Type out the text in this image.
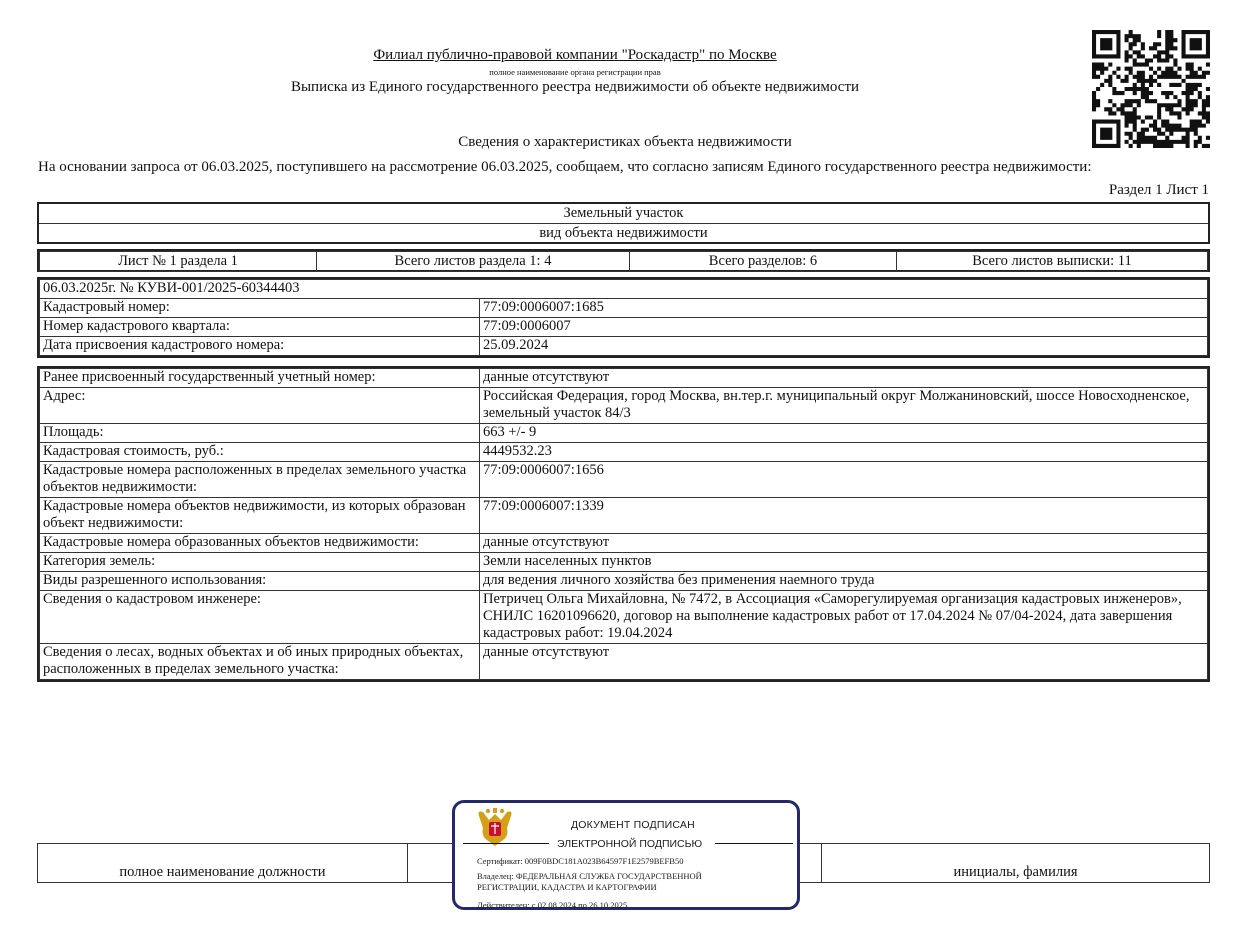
Филиал публично-правовой компании "Роскадастр" по Москве
полное наименование органа регистрации прав
Выписка из Единого государственного реестра недвижимости об объекте недвижимости
Сведения о характеристиках объекта недвижимости
На основании запроса от 06.03.2025, поступившего на рассмотрение 06.03.2025, сообщаем, что согласно записям Единого государственного реестра недвижимости:
Раздел 1 Лист 1
Земельный участок
вид объекта недвижимости
Лист № 1 раздела 1	Всего листов раздела 1: 4	Всего разделов: 6	Всего листов выписки: 11
06.03.2025г. № КУВИ-001/2025-60344403	
Кадастровый номер:	77:09:0006007:1685
Номер кадастрового квартала:	77:09:0006007
Дата присвоения кадастрового номера:	25.09.2024
Ранее присвоенный государственный учетный номер:	данные отсутствуют
Адрес:	Российская Федерация, город Москва, вн.тер.г. муниципальный округ Молжаниновский, шоссе Новосходненское, земельный участок 84/3
Площадь:	663 +/- 9
Кадастровая стоимость, руб.:	4449532.23
Кадастровые номера расположенных в пределах земельного участка объектов недвижимости:	77:09:0006007:1656
Кадастровые номера объектов недвижимости, из которых образован объект недвижимости:	77:09:0006007:1339
Кадастровые номера образованных объектов недвижимости:	данные отсутствуют
Категория земель:	Земли населенных пунктов
Виды разрешенного использования:	для ведения личного хозяйства без применения наемного труда
Сведения о кадастровом инженере:	Петричец Ольга Михайловна, № 7472, в Ассоциация «Саморегулируемая организация кадастровых инженеров», СНИЛС 16201096620, договор на выполнение кадастровых работ от 17.04.2024 № 07/04-2024, дата завершения кадастровых работ: 19.04.2024
Сведения о лесах, водных объектах и об иных природных объектах, расположенных в пределах земельного участка:	данные отсутствуют
полное наименование должности		инициалы, фамилия
ДОКУМЕНТ ПОДПИСАН
ЭЛЕКТРОННОЙ ПОДПИСЬЮ
Сертификат: 009F0BDC181A023B64597F1E2579BEFB50
Владелец: ФЕДЕРАЛЬНАЯ СЛУЖБА ГОСУДАРСТВЕННОЙ
РЕГИСТРАЦИИ, КАДАСТРА И КАРТОГРАФИИ
Действителен: с 02.08.2024 по 26.10.2025
